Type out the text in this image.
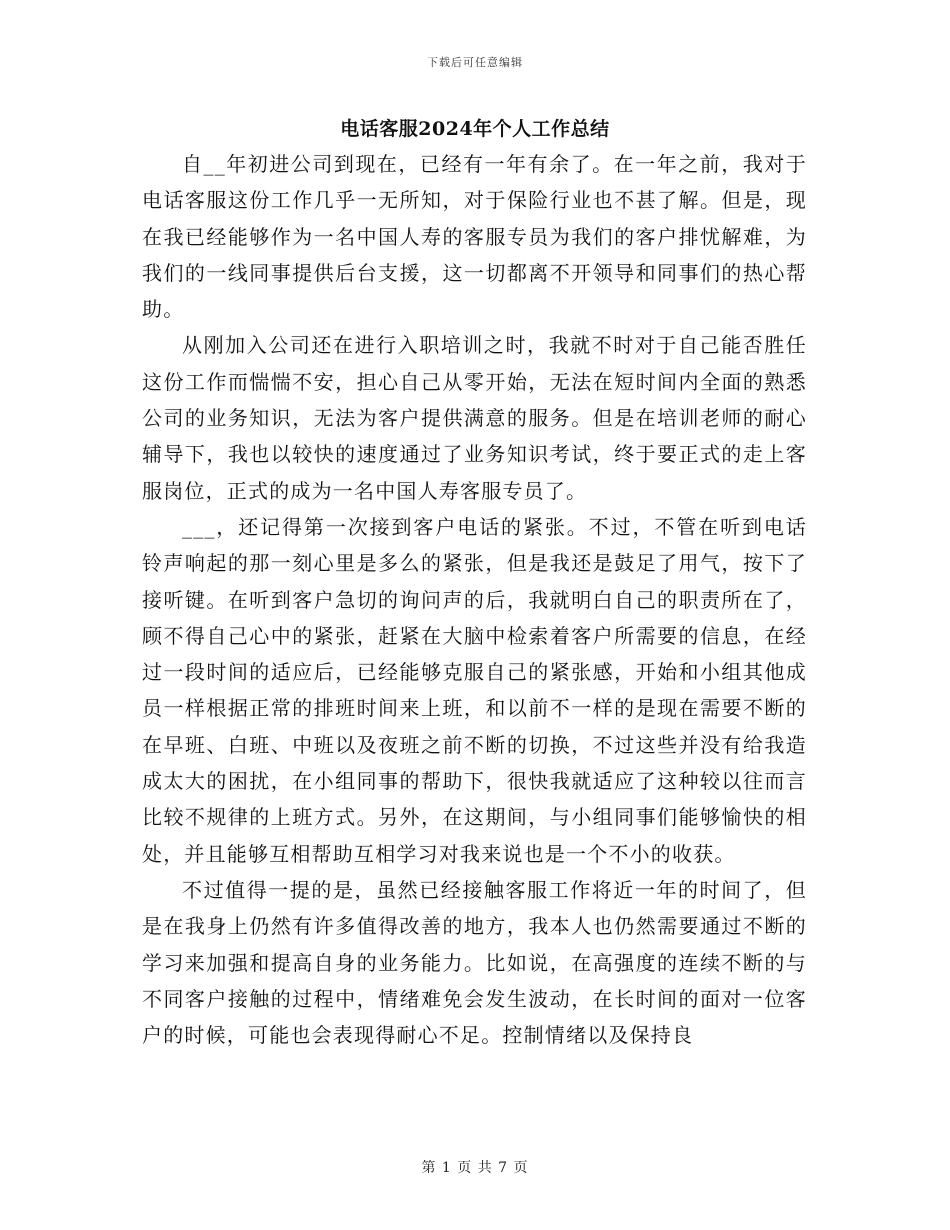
下载后可任意编辑
电话客服2024年个人工作总结

自__年初进公司到现在，已经有一年有余了。在一年之前，我对于电话客服这份工作几乎一无所知，对于保险行业也不甚了解。但是，现在我已经能够作为一名中国人寿的客服专员为我们的客户排忧解难，为我们的一线同事提供后台支援，这一切都离不开领导和同事们的热心帮助。

从刚加入公司还在进行入职培训之时，我就不时对于自己能否胜任这份工作而惴惴不安，担心自己从零开始，无法在短时间内全面的熟悉公司的业务知识，无法为客户提供满意的服务。但是在培训老师的耐心辅导下，我也以较快的速度通过了业务知识考试，终于要正式的走上客服岗位，正式的成为一名中国人寿客服专员了。

___，还记得第一次接到客户电话的紧张。不过，不管在听到电话铃声响起的那一刻心里是多么的紧张，但是我还是鼓足了用气，按下了接听键。在听到客户急切的询问声的后，我就明白自己的职责所在了，顾不得自己心中的紧张，赶紧在大脑中检索着客户所需要的信息，在经过一段时间的适应后，已经能够克服自己的紧张感，开始和小组其他成员一样根据正常的排班时间来上班，和以前不一样的是现在需要不断的在早班、白班、中班以及夜班之前不断的切换，不过这些并没有给我造成太大的困扰，在小组同事的帮助下，很快我就适应了这种较以往而言比较不规律的上班方式。另外，在这期间，与小组同事们能够愉快的相处，并且能够互相帮助互相学习对我来说也是一个不小的收获。

不过值得一提的是，虽然已经接触客服工作将近一年的时间了，但是在我身上仍然有许多值得改善的地方，我本人也仍然需要通过不断的学习来加强和提高自身的业务能力。比如说，在高强度的连续不断的与不同客户接触的过程中，情绪难免会发生波动，在长时间的面对一位客户的时候，可能也会表现得耐心不足。控制情绪以及保持良

第 1 页 共 7 页
